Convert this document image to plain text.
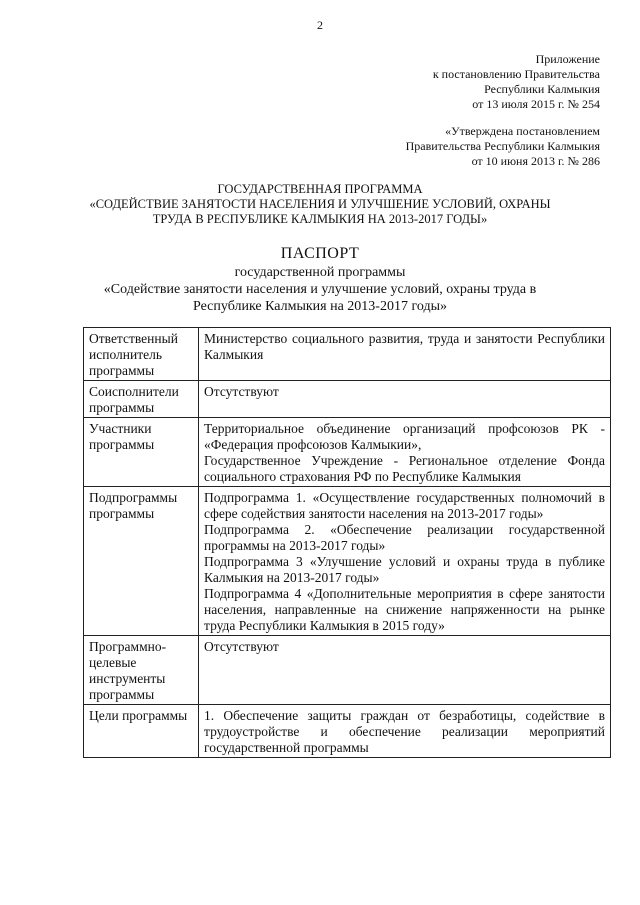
2
Приложение
к постановлению Правительства
Республики Калмыкия
от 13 июля 2015 г. № 254
«Утверждена постановлением
Правительства Республики Калмыкия
от 10 июня 2013 г. № 286
ГОСУДАРСТВЕННАЯ ПРОГРАММА
«СОДЕЙСТВИЕ ЗАНЯТОСТИ НАСЕЛЕНИЯ И УЛУЧШЕНИЕ УСЛОВИЙ, ОХРАНЫ
ТРУДА В РЕСПУБЛИКЕ КАЛМЫКИЯ НА 2013-2017 ГОДЫ»
ПАСПОРТ
государственной программы
«Содействие занятости населения и улучшение условий, охраны труда в
Республике Калмыкия на 2013-2017 годы»
Ответственный исполнитель программы	Министерство социального развития, труда и занятости Республики Калмыкия

Соисполнители программы	Отсутствуют

Участники программы	Территориальное объединение организаций профсоюзов РК - «Федерация профсоюзов Калмыкии»,
Государственное Учреждение - Региональное отделение Фонда социального страхования РФ по Республике Калмыкия

Подпрограммы программы	Подпрограмма 1. «Осуществление государственных полномочий в сфере содействия занятости населения на 2013-2017 годы»
Подпрограмма 2. «Обеспечение реализации государственной программы на 2013-2017 годы»
Подпрограмма 3 «Улучшение условий и охраны труда в публике Калмыкия на 2013-2017 годы»
Подпрограмма 4 «Дополнительные мероприятия в сфере занятости населения, направленные на снижение напряженности на рынке труда Республики Калмыкия в 2015 году»

Программно-целевые инструменты программы	Отсутствуют

Цели программы	1. Обеспечение защиты граждан от безработицы, содействие в трудоустройстве и обеспечение реализации мероприятий государственной программы
